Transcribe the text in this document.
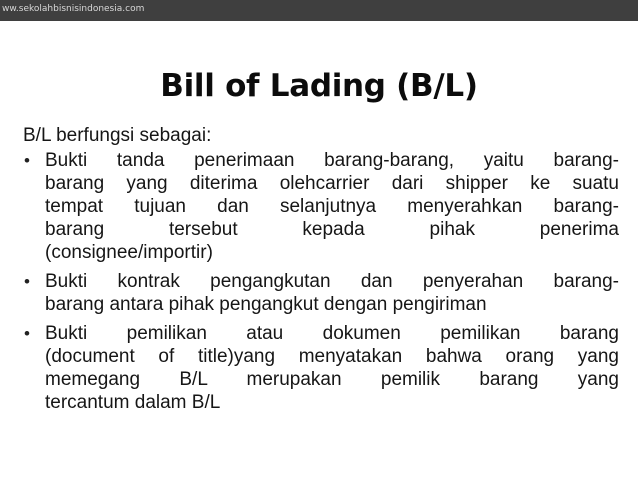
ww.sekolahbisnisindonesia.com
Bill of Lading (B/L)

B/L berfungsi sebagai:

• Bukti tanda penerimaan barang-barang, yaitu barang-
barang yang diterima olehcarrier dari shipper ke suatu
tempat tujuan dan selanjutnya menyerahkan barang-
barang tersebut kepada pihak penerima
(consignee/importir)
• Bukti kontrak pengangkutan dan penyerahan barang-
barang antara pihak pengangkut dengan pengiriman
• Bukti pemilikan atau dokumen pemilikan barang
(document of title)yang menyatakan bahwa orang yang
memegang B/L merupakan pemilik barang yang
tercantum dalam B/L
